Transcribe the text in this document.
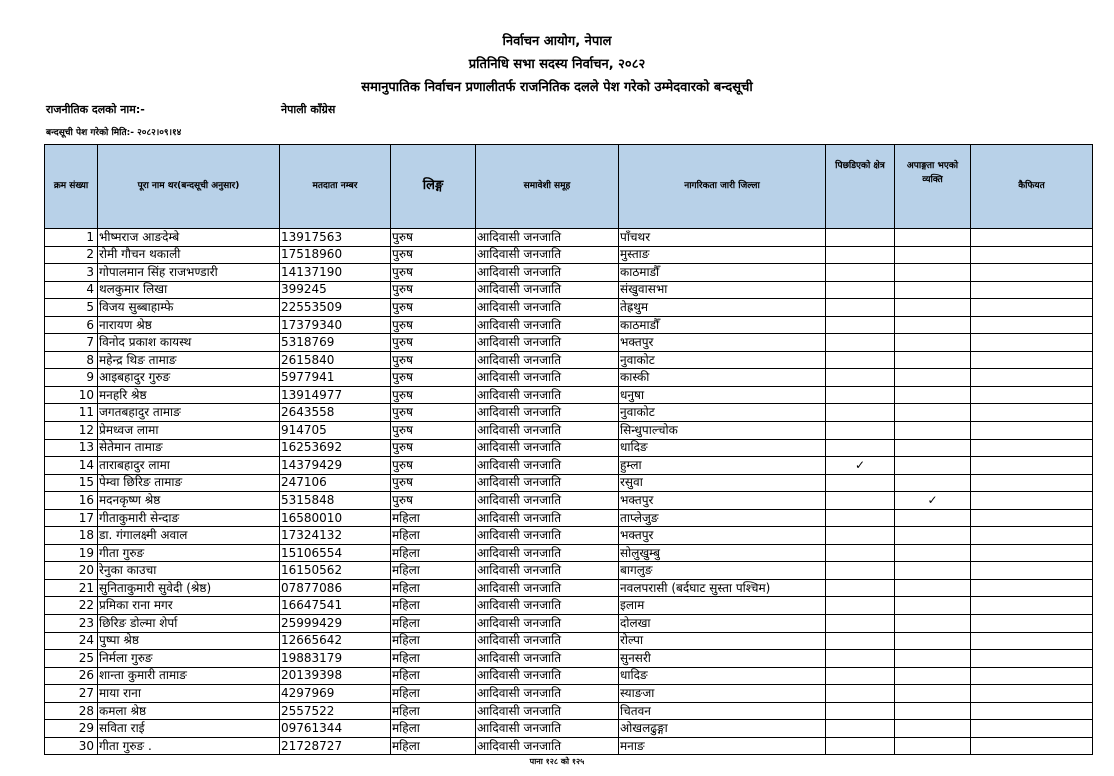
निर्वाचन आयोग, नेपाल
प्रतिनिधि सभा सदस्य निर्वाचन, २०८२
समानुपातिक निर्वाचन प्रणालीतर्फ राजनितिक दलले पेश गरेको उम्मेदवारको बन्दसूची
राजनीतिक दलको नाम:-	नेपाली काँग्रेस
बन्दसूची पेश गरेको मिति:- २०८२।०९।१४
क्रम संख्या	पूरा नाम थर(बन्दसूची अनुसार)	मतदाता नम्बर	लिङ्ग	समावेशी समूह	नागरिकता जारी जिल्ला	पिछडिएको क्षेत्र	अपाङ्गता भएको व्यक्ति	कैफियत
1	भीष्मराज आङदेम्बे	13917563	पुरुष	आदिवासी जनजाति	पाँचथर			
2	रोमी गौचन थकाली	17518960	पुरुष	आदिवासी जनजाति	मुस्ताङ			
3	गोपालमान सिंह राजभण्डारी	14137190	पुरुष	आदिवासी जनजाति	काठमाडौँ			
4	थलकुमार लिखा	399245	पुरुष	आदिवासी जनजाति	संखुवासभा			
5	विजय सुब्बाहाम्फे	22553509	पुरुष	आदिवासी जनजाति	तेह्रथुम			
6	नारायण श्रेष्ठ	17379340	पुरुष	आदिवासी जनजाति	काठमाडौँ			
7	विनोद प्रकाश कायस्थ	5318769	पुरुष	आदिवासी जनजाति	भक्तपुर			
8	महेन्द्र थिङ तामाङ	2615840	पुरुष	आदिवासी जनजाति	नुवाकोट			
9	आइबहादुर गुरुङ	5977941	पुरुष	आदिवासी जनजाति	कास्की			
10	मनहरि श्रेष्ठ	13914977	पुरुष	आदिवासी जनजाति	धनुषा			
11	जगतबहादुर तामाङ	2643558	पुरुष	आदिवासी जनजाति	नुवाकोट			
12	प्रेमध्वज लामा	914705	पुरुष	आदिवासी जनजाति	सिन्धुपाल्चोक			
13	सेतेमान तामाङ	16253692	पुरुष	आदिवासी जनजाति	धादिङ			
14	ताराबहादुर लामा	14379429	पुरुष	आदिवासी जनजाति	हुम्ला	✓		
15	पेम्वा छिरिङ तामाङ	247106	पुरुष	आदिवासी जनजाति	रसुवा			
16	मदनकृष्ण श्रेष्ठ	5315848	पुरुष	आदिवासी जनजाति	भक्तपुर		✓	
17	गीताकुमारी सेन्दाङ	16580010	महिला	आदिवासी जनजाति	ताप्लेजुङ			
18	डा. गंगालक्ष्मी अवाल	17324132	महिला	आदिवासी जनजाति	भक्तपुर			
19	गीता गुरुङ	15106554	महिला	आदिवासी जनजाति	सोलुखुम्बु			
20	रेनुका काउचा	16150562	महिला	आदिवासी जनजाति	बागलुङ			
21	सुनिताकुमारी सुवेदी (श्रेष्ठ)	07877086	महिला	आदिवासी जनजाति	नवलपरासी (बर्दघाट सुस्ता पश्चिम)			
22	प्रमिका राना मगर	16647541	महिला	आदिवासी जनजाति	इलाम			
23	छिरिङ डोल्मा शेर्पा	25999429	महिला	आदिवासी जनजाति	दोलखा			
24	पुष्पा श्रेष्ठ	12665642	महिला	आदिवासी जनजाति	रोल्पा			
25	निर्मला गुरुङ	19883179	महिला	आदिवासी जनजाति	सुनसरी			
26	शान्ता कुमारी तामाङ	20139398	महिला	आदिवासी जनजाति	धादिङ			
27	माया राना	4297969	महिला	आदिवासी जनजाति	स्याङजा			
28	कमला श्रेष्ठ	2557522	महिला	आदिवासी जनजाति	चितवन			
29	सविता राई	09761344	महिला	आदिवासी जनजाति	ओखलढुङ्गा			
30	गीता गुरुङ .	21728727	महिला	आदिवासी जनजाति	मनाङ			
पाना १२८ को १२५
